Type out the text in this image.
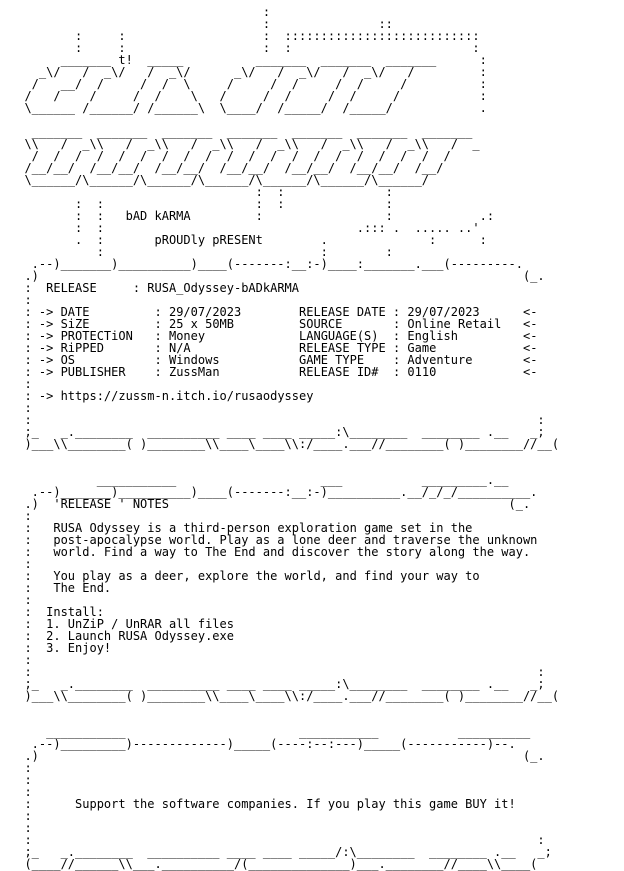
:
:               ::
:     :                   :  :::::::::::::::::::::::::::
:     :                   :  :                         :
_______ t!  _____          _______  _______  _______      :
_\/   /  _\/   /  _\/      _\/   /  _\/   /  _\/   /         :
/   __/  /     /  /  \     /     /  /     /  /     /          :
/   /    /     /  /    \   /     /  /     /  /     /           :
\______ /______/ /______\  \____/  /_____/  /_____/            .

_______  _______  _______  _______  _______  _______  _______
\\   /  _\\   /  _\\   /  _\\   /  _\\   /  _\\   /  _\\   /  _
/  /  /  /  /  /  /  /  /  /  /  /  /  /  /  /  /  /  /  /
/__/__/  /__/__/  /__/__/  /__/__/  /__/__/  /__/__/  /__/
\______/\______/\______/\______/\______/\______/\______/
:  :              :
:  :                     :  :              :
:  :   bAD kARMA         :                 :            .:
:  :                                   .::: .  ..... ..'
.  :       pROUDly pRESENt        .              :      :
:                              :        :
.--)_______)__________)____(-------:__:-)____:_______.___(---------.
.)                                                                   (_.
:  RELEASE     : RUSA_Odyssey-bADkARMA
:
: -> DATE         : 29/07/2023	RELEASE DATE : 29/07/2023	<-
: -> SiZE         : 25 x 50MB	SOURCE       : Online Retail   <-
: -> PROTECTiON   : Money	LANGUAGE(S)  : English	<-
: -> RiPPED       : N/A	RELEASE TYPE : Game	<-
: -> OS           : Windows	GAME TYPE    : Adventure	<-
: -> PUBLISHER    : ZussMan	RELEASE ID#  : 0110	<-
:
: -> https://zussm-n.itch.io/rusaodyssey
:
:                                                                      :
;_   _.________  __________ ____ ____ _____:\________  ________ .__   _;
)___\\________( )________\\____\____\\:/____.___//________( )________//__(

___________                    ___           _________.__
.--)_______)__________)____(-------:__:-)__________.__/_/_/__________.
.)  'RELEASE ' NOTES	(_.
:
:   RUSA Odyssey is a third-person exploration game set in the
:   post-apocalypse world. Play as a lone deer and traverse the unknown
:   world. Find a way to The End and discover the story along the way.
:
:   You play as a deer, explore the world, and find your way to
:   The End.
:
:  Install:
:  1. UnZiP / UnRAR all files
:  2. Launch RUSA Odyssey.exe
:  3. Enjoy!
:
:                                                                      :
;_   _.________  __________ ____ ____ _____:\________  ________ .__   _;
)___\\________( )________\\____\____\\:/____.___//________( )________//__(

___________                        ___________           __________
.--)_________)-------------)_____(----:--:---)_____(-----------)--.
.)                                                                   (_.
:
:
:
:	Support the software companies. If you play this game BUY it!
:
:
:                                                                      :
;_   _.________  __________ ____ ____ _____/:\________  ________ .__   _;
(____//______\\___.__________/(______________)___.________//____\\____(
